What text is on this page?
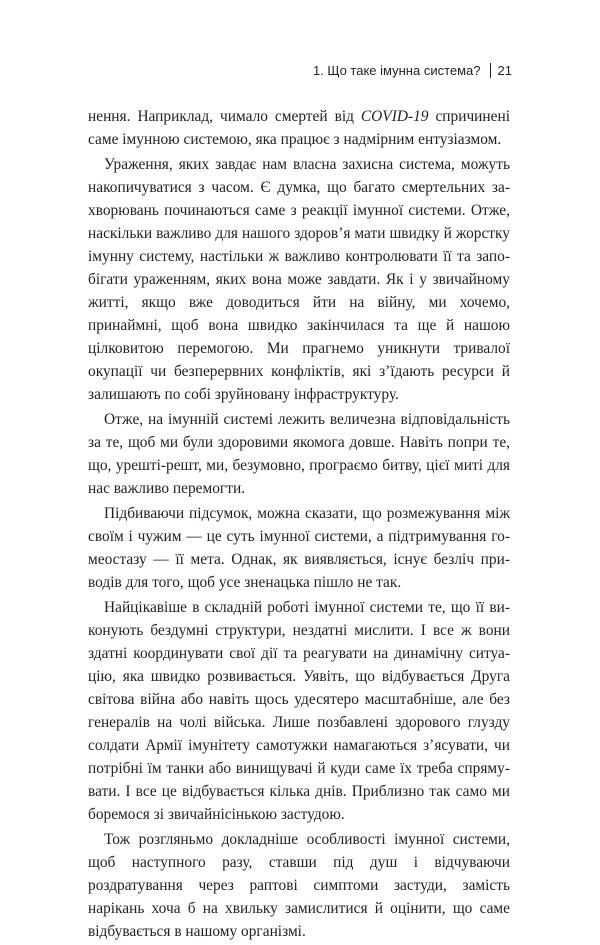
1. Що таке імунна система? 21

нення. Наприклад, чимало смертей від COVID-19 спричинені саме імунною системою, яка працює з надмірним ентузіазмом.

Ураження, яких завдає нам власна захисна система, можуть накопичуватися з часом. Є думка, що багато смертельних захворювань починаються саме з реакції імунної системи. Отже, наскільки важливо для нашого здоров’я мати швидку й жорстку імунну систему, настільки ж важливо контролювати її та запобігати ураженням, яких вона може завдати. Як і у звичайному житті, якщо вже доводиться йти на війну, ми хочемо, принаймні, щоб вона швидко закінчилася та ще й нашою цілковитою перемогою. Ми прагнемо уникнути тривалої окупації чи безперервних конфліктів, які з’їдають ресурси й залишають по собі зруйновану інфраструктуру.

Отже, на імунній системі лежить величезна відповідальність за те, щоб ми були здоровими якомога довше. Навіть попри те, що, урешті-решт, ми, безумовно, програємо битву, цієї миті для нас важливо перемогти.

Підбиваючи підсумок, можна сказати, що розмежування між своїм і чужим — це суть імунної системи, а підтримування гомеостазу — її мета. Однак, як виявляється, існує безліч приводів для того, щоб усе зненацька пішло не так.

Найцікавіше в складній роботі імунної системи те, що її виконують бездумні структури, нездатні мислити. І все ж вони здатні координувати свої дії та реагувати на динамічну ситуацію, яка швидко розвивається. Уявіть, що відбувається Друга світова війна або навіть щось удесятеро масштабніше, але без генералів на чолі війська. Лише позбавлені здорового глузду солдати Армії імунітету самотужки намагаються з’ясувати, чи потрібні їм танки або винищувачі й куди саме їх треба спрямувати. І все це відбувається кілька днів. Приблизно так само ми боремося зі звичайнісінькою застудою.

Тож розгляньмо докладніше особливості імунної системи, щоб наступного разу, ставши під душ і відчуваючи роздратування через раптові симптоми застуди, замість нарікань хоча б на хвильку замислитися й оцінити, що саме відбувається в нашому організмі.
